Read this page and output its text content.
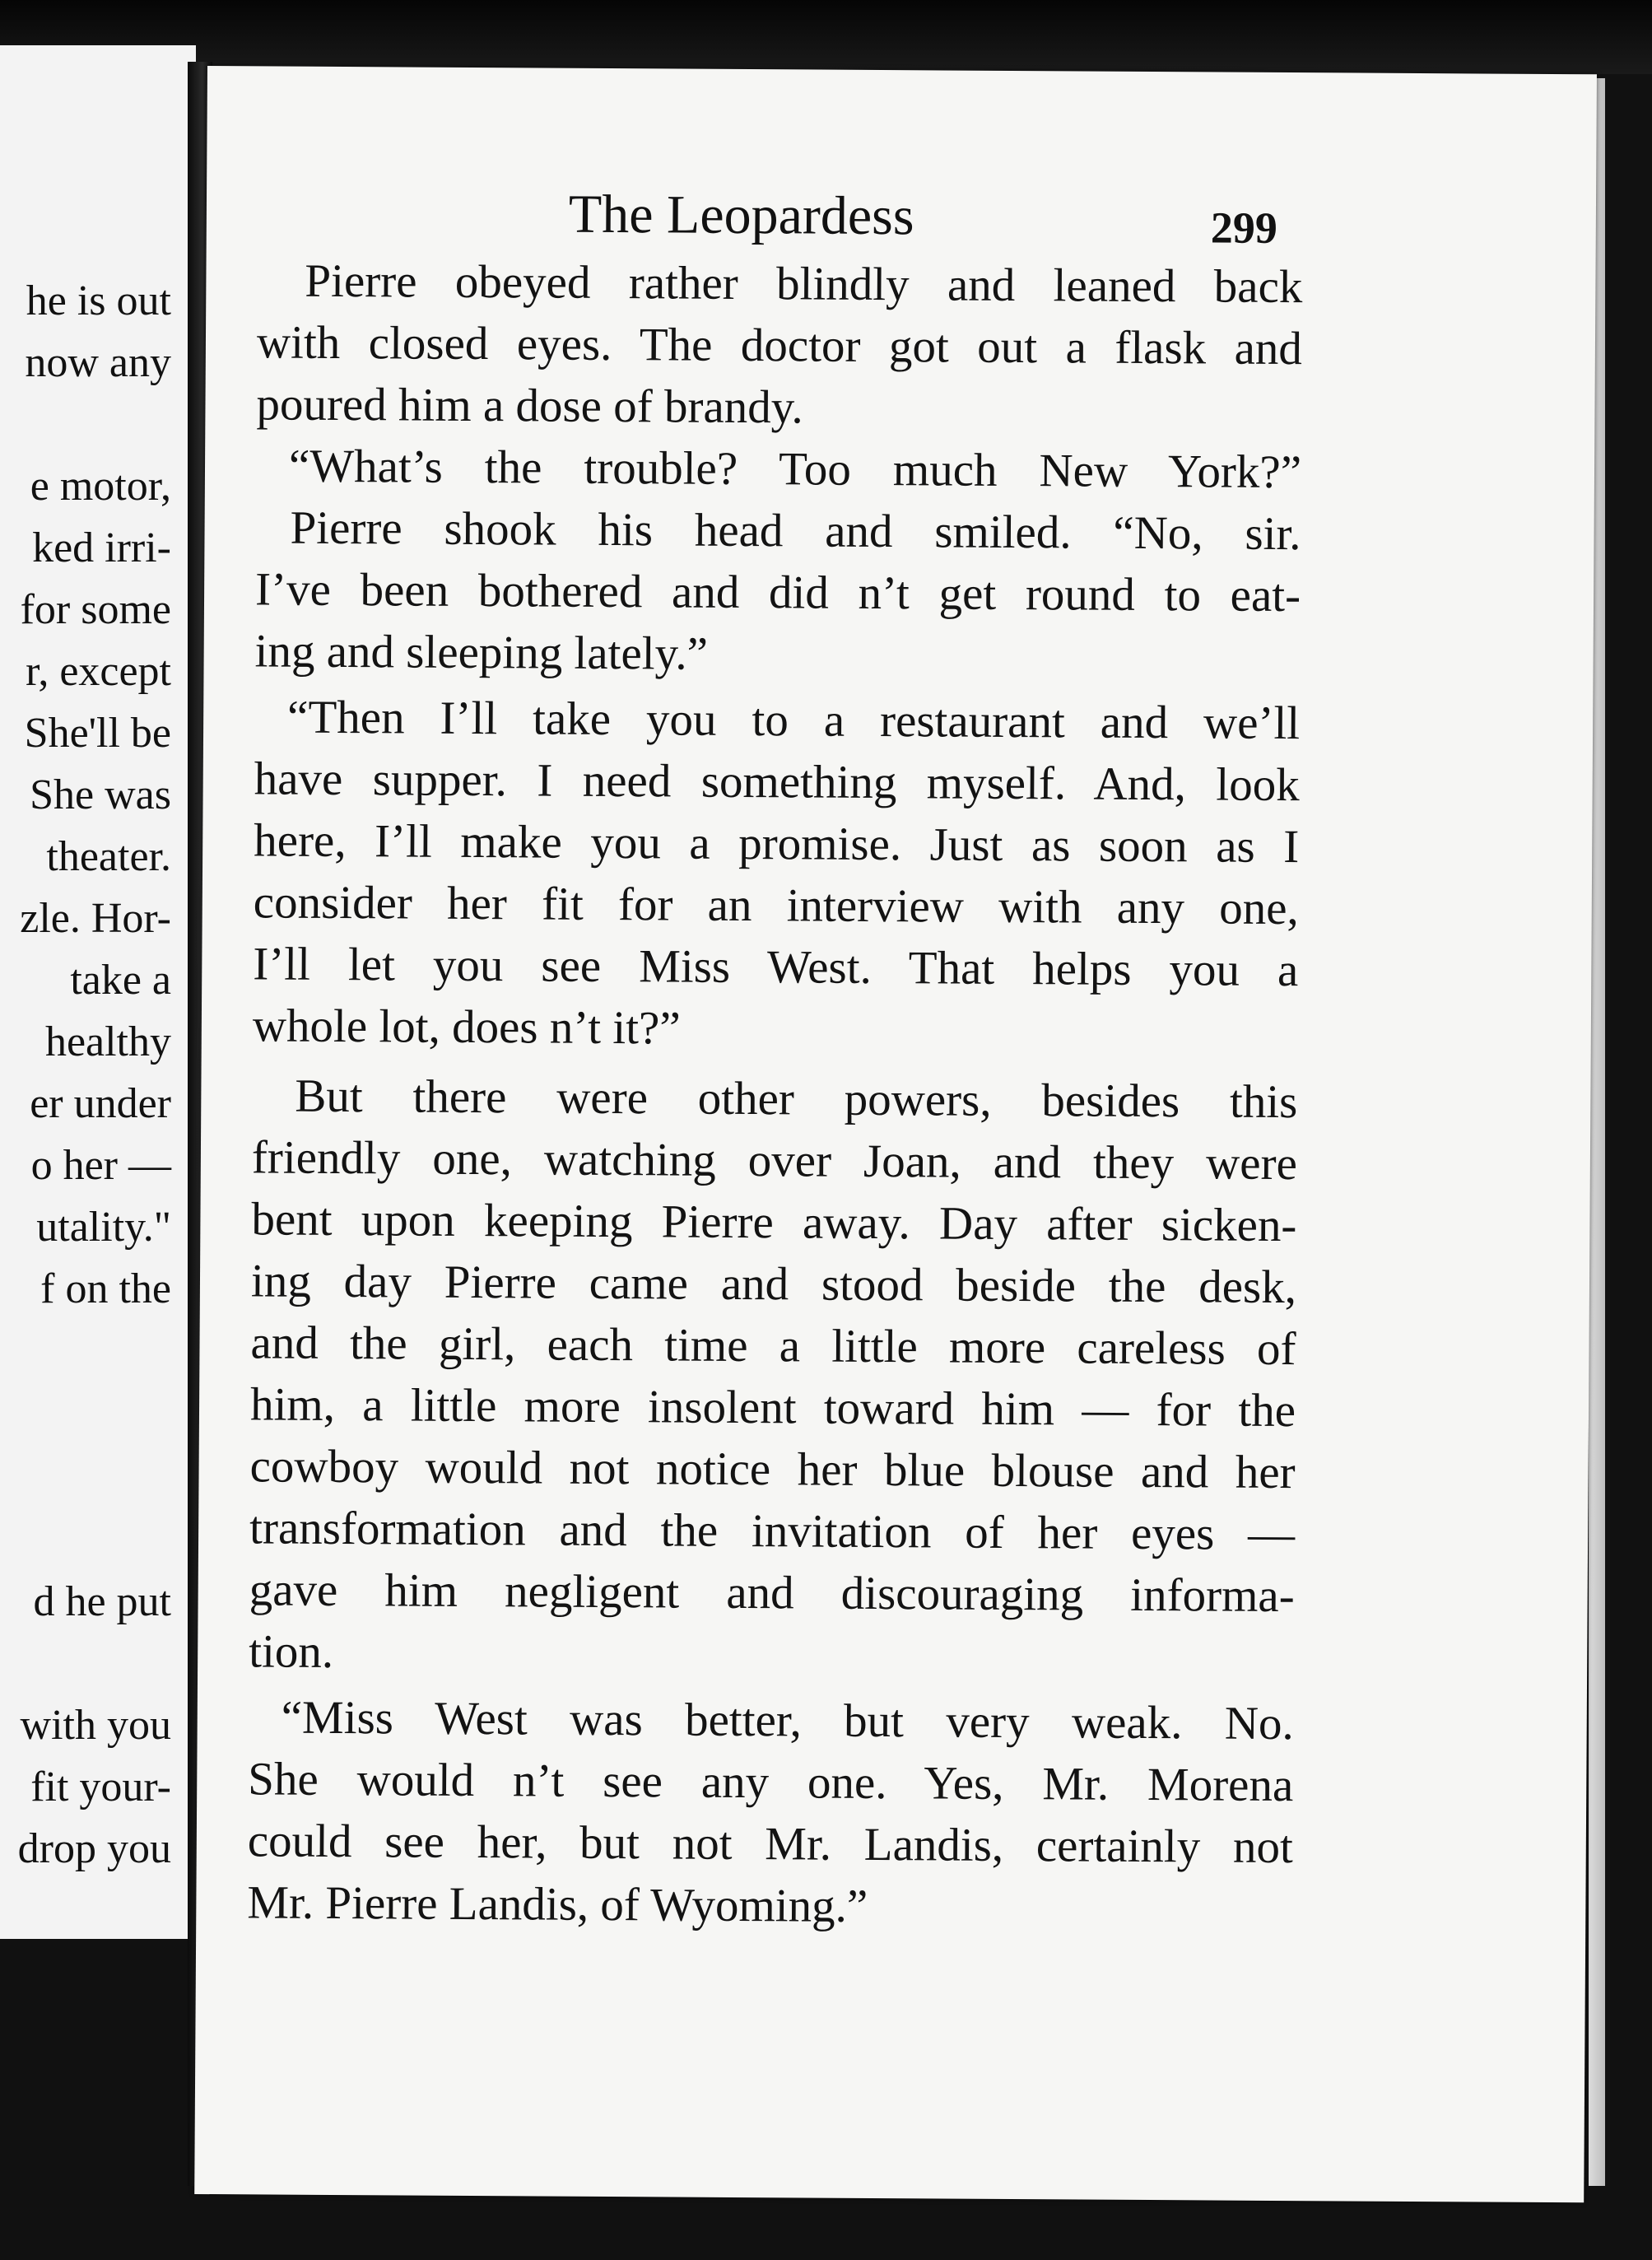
he is out
now any
e motor,
ked irri-
for some
r, except
She'll be
She was
theater.
zle. Hor-
take a
healthy
er under
o her —
utality."
f on the
d he put
with you
fit your-
drop you
The Leopardess	299
Pierre obeyed rather blindly and leaned back
with closed eyes. The doctor got out a flask and
poured him a dose of brandy.
“What’s the trouble? Too much New York?”
Pierre shook his head and smiled. “No, sir.
I’ve been bothered and did n’t get round to eat-
ing and sleeping lately.”
“Then I’ll take you to a restaurant and we’ll
have supper. I need something myself. And, look
here, I’ll make you a promise. Just as soon as I
consider her fit for an interview with any one,
I’ll let you see Miss West. That helps you a
whole lot, does n’t it?”
But there were other powers, besides this
friendly one, watching over Joan, and they were
bent upon keeping Pierre away. Day after sicken-
ing day Pierre came and stood beside the desk,
and the girl, each time a little more careless of
him, a little more insolent toward him — for the
cowboy would not notice her blue blouse and her
transformation and the invitation of her eyes —
gave him negligent and discouraging informa-
tion.
“Miss West was better, but very weak. No.
She would n’t see any one. Yes, Mr. Morena
could see her, but not Mr. Landis, certainly not
Mr. Pierre Landis, of Wyoming.”
